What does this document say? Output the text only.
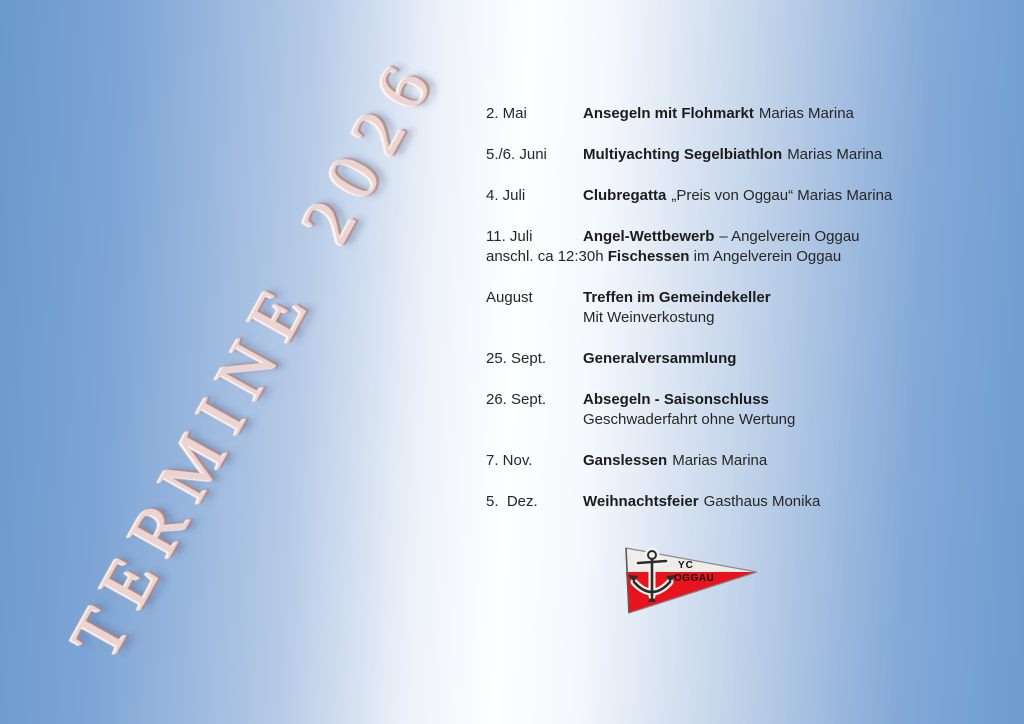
TERMINE 2026	2. Mai	Ansegeln mit Flohmarkt Marias Marina
5./6. Juni	Multiyachting Segelbiathlon Marias Marina
4. Juli	Clubregatta „Preis von Oggau“ Marias Marina
11. Juli	Angel-Wettbewerb – Angelverein Oggau
anschl. ca 12:30h Fischessen im Angelverein Oggau
August	Treffen im Gemeindekeller
Mit Weinverkostung
25. Sept.	Generalversammlung
26. Sept.	Absegeln - Saisonschluss
Geschwaderfahrt ohne Wertung
7. Nov.	Ganslessen Marias Marina
5.  Dez.	Weihnachtsfeier Gasthaus Monika
YC
OGGAU
